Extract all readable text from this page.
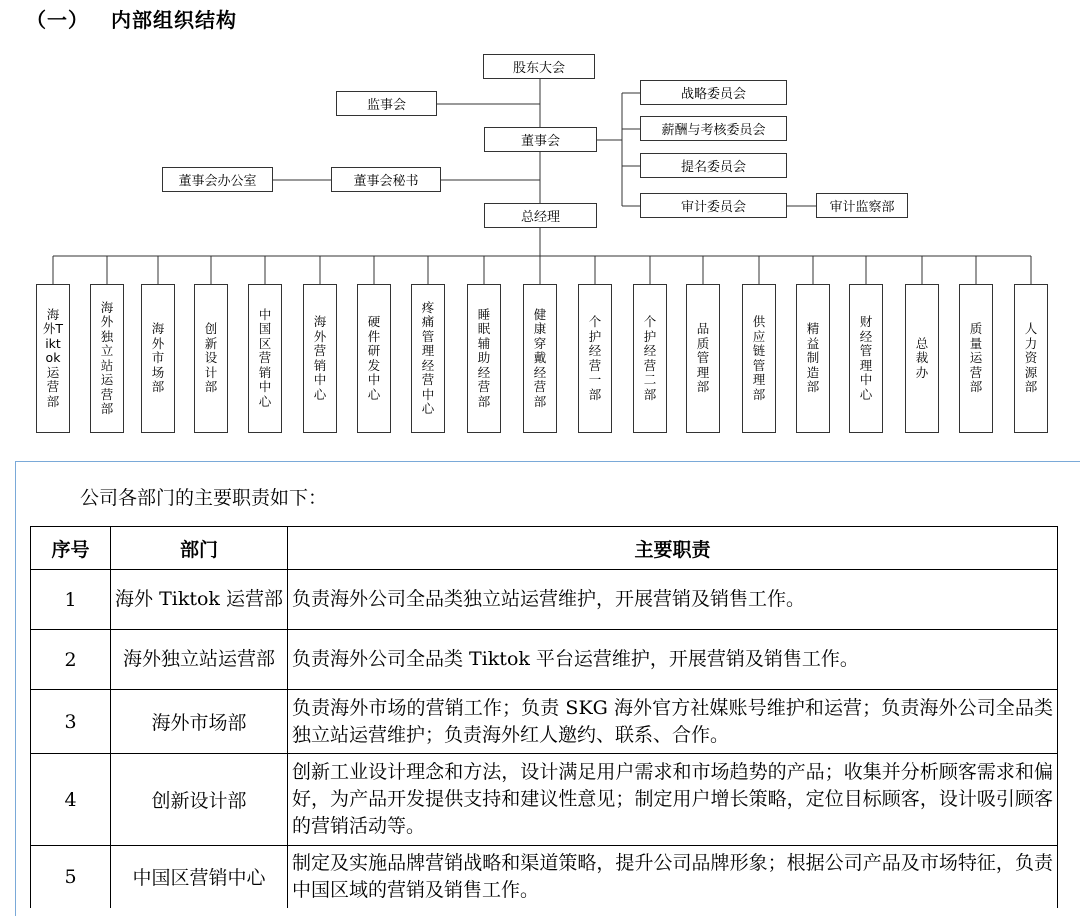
（一） 内部组织结构
股东大会
监事会
董事会
战略委员会
薪酬与考核委员会
提名委员会
审计委员会	审计监察部
董事会办公室	董事会秘书
总经理
海外Tiktok运营部
海外独立站运营部
海外市场部
创新设计部
中国区营销中心
海外营销中心
硬件研发中心
疼痛管理经营中心
睡眠辅助经营部
健康穿戴经营部
个护经营一部
个护经营二部
品质管理部
供应链管理部
精益制造部
财经管理中心
总裁办
质量运营部
人力资源部
公司各部门的主要职责如下：
序号	部门	主要职责
1	海外 Tiktok 运营部	负责海外公司全品类独立站运营维护，开展营销及销售工作。
2	海外独立站运营部	负责海外公司全品类 Tiktok 平台运营维护，开展营销及销售工作。
3	海外市场部	负责海外市场的营销工作；负责 SKG 海外官方社媒账号维护和运营；负责海外公司全品类独立站运营维护；负责海外红人邀约、联系、合作。
4	创新设计部	创新工业设计理念和方法，设计满足用户需求和市场趋势的产品；收集并分析顾客需求和偏好，为产品开发提供支持和建议性意见；制定用户增长策略，定位目标顾客，设计吸引顾客的营销活动等。
5	中国区营销中心	制定及实施品牌营销战略和渠道策略，提升公司品牌形象；根据公司产品及市场特征，负责中国区域的营销及销售工作。
